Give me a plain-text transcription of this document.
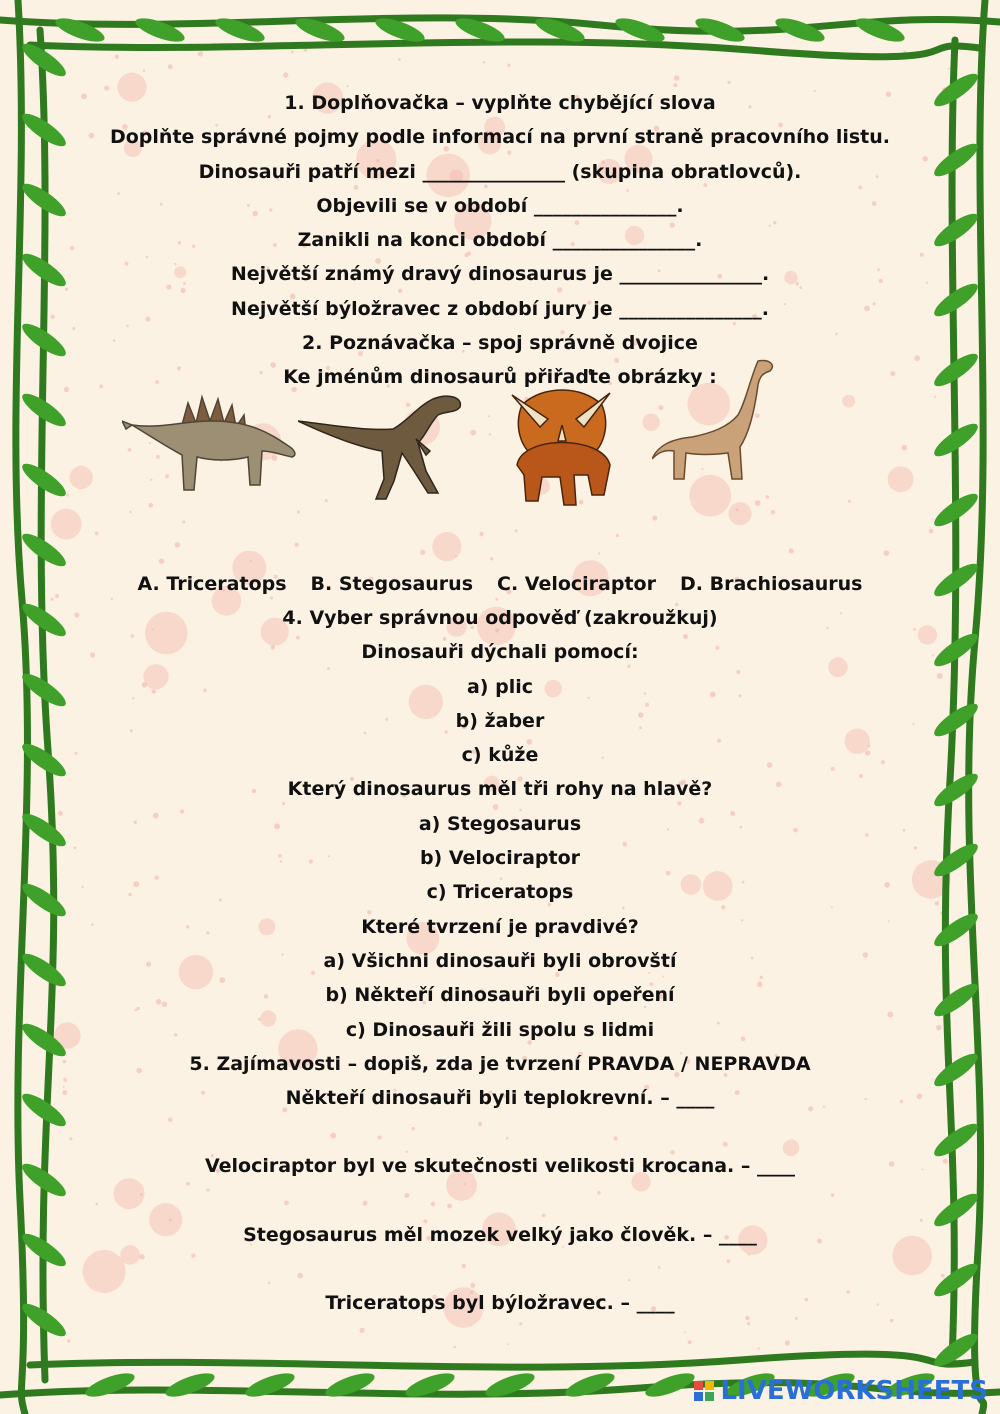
1. Doplňovačka – vyplňte chybějící slova
Doplňte správné pojmy podle informací na první straně pracovního listu.
Dinosauři patří mezi _______________ (skupina obratlovců).
Objevili se v období _______________.
Zanikli na konci období _______________.
Největší známý dravý dinosaurus je _______________.
Největší býložravec z období jury je _______________.
2. Poznávačka – spoj správně dvojice
Ke jménům dinosaurů přiřaďte obrázky :
A. Triceratops B. Stegosaurus C. Velociraptor D. Brachiosaurus
4. Vyber správnou odpověď (zakroužkuj)
Dinosauři dýchali pomocí:
a) plic
b) žaber
c) kůže
Který dinosaurus měl tři rohy na hlavě?
a) Stegosaurus
b) Velociraptor
c) Triceratops
Které tvrzení je pravdivé?
a) Všichni dinosauři byli obrovští
b) Někteří dinosauři byli opeření
c) Dinosauři žili spolu s lidmi
5. Zajímavosti – dopiš, zda je tvrzení PRAVDA / NEPRAVDA
Někteří dinosauři byli teplokrevní. – ____
Velociraptor byl ve skutečnosti velikosti krocana. – ____
Stegosaurus měl mozek velký jako člověk. – ____
Triceratops byl býložravec. – ____
LIVEWORKSHEETS
